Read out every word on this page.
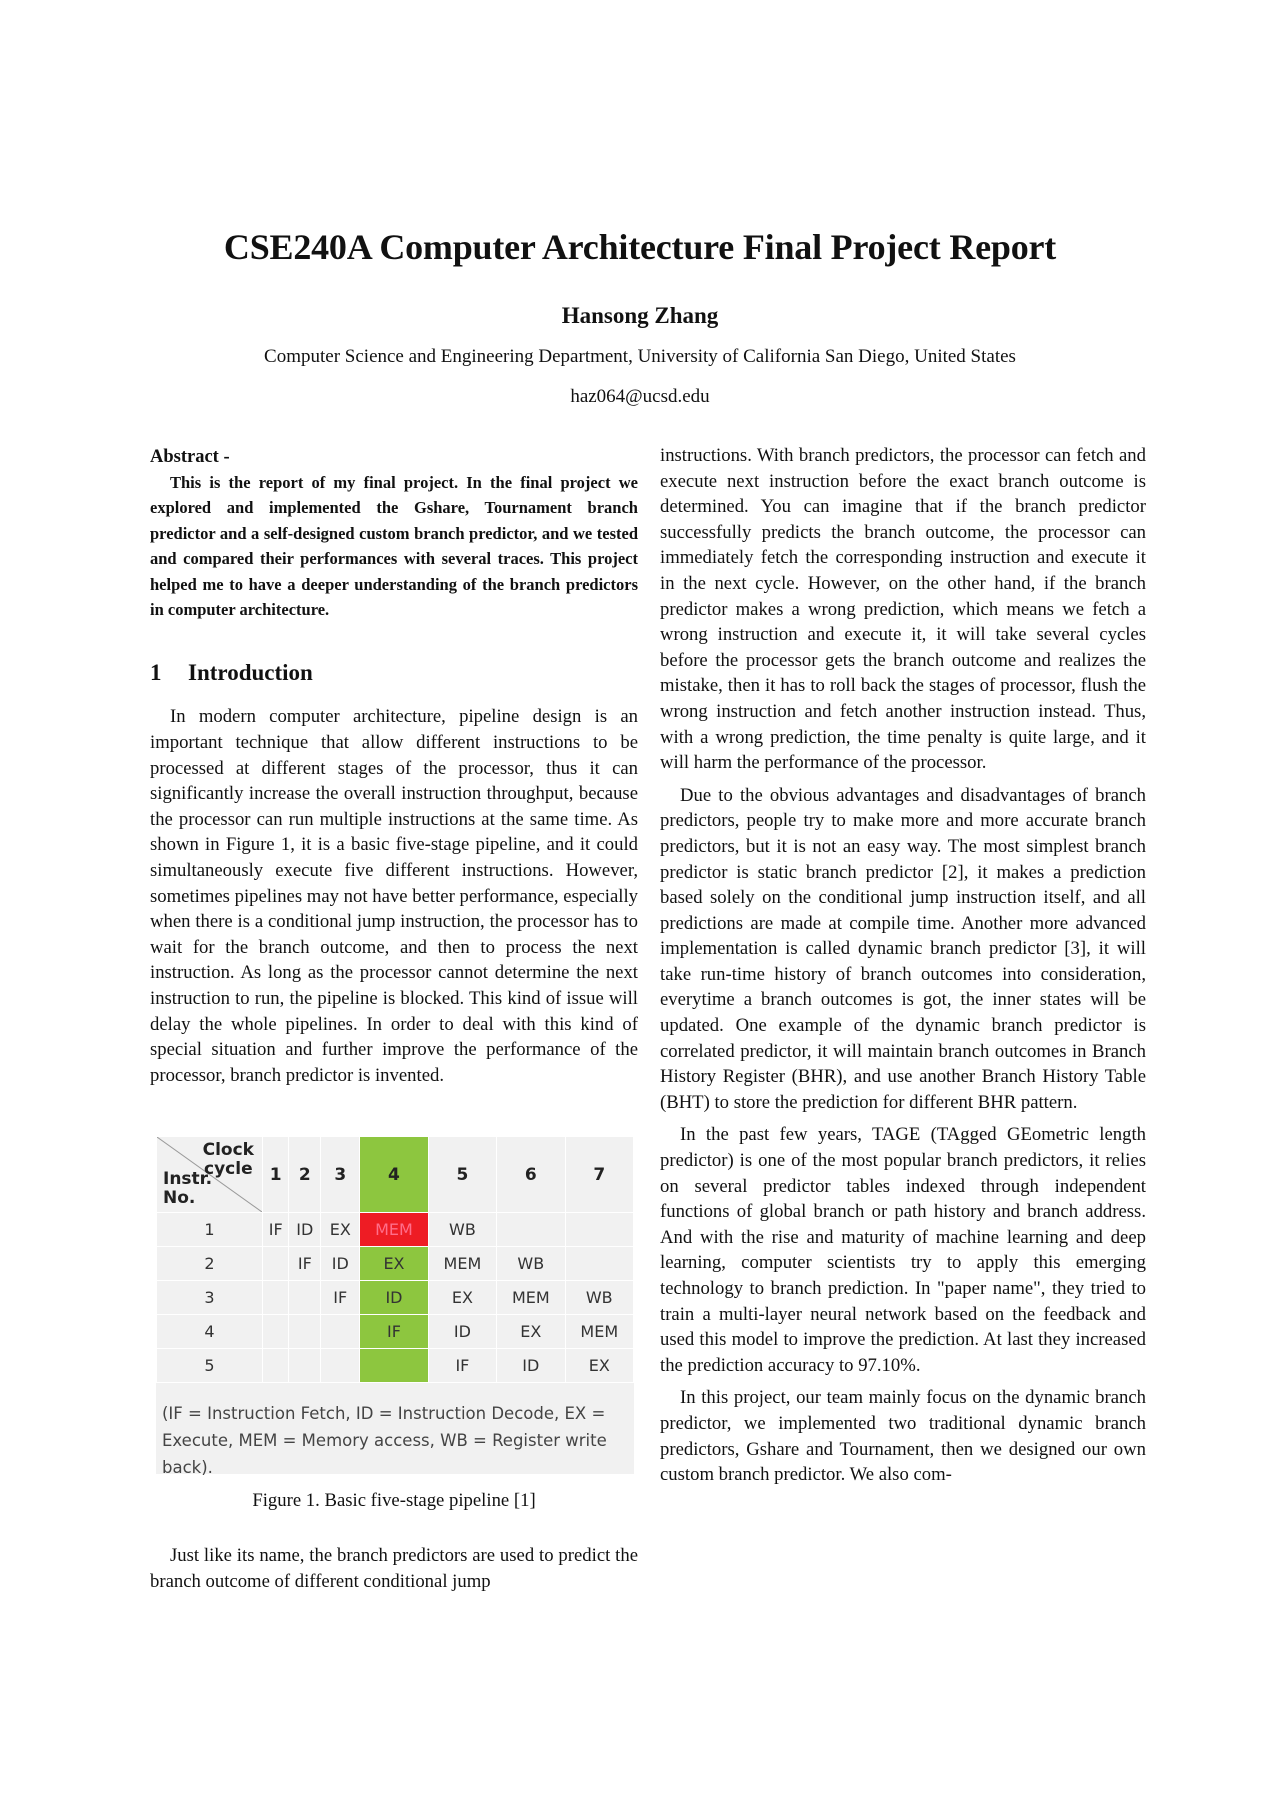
CSE240A Computer Architecture Final Project Report
Hansong Zhang
Computer Science and Engineering Department, University of California San Diego, United States
haz064@ucsd.edu
Abstract -
This is the report of my final project. In the final project we explored and implemented the Gshare, Tournament branch predictor and a self-designed custom branch predictor, and we tested and compared their performances with several traces. This project helped me to have a deeper understanding of the branch predictors in computer architecture.
1 Introduction

In modern computer architecture, pipeline design is an important technique that allow different instructions to be processed at different stages of the processor, thus it can significantly increase the overall instruction throughput, because the processor can run multiple instructions at the same time. As shown in Figure 1, it is a basic five-stage pipeline, and it could simultaneously execute five different instructions. However, sometimes pipelines may not have better performance, especially when there is a conditional jump instruction, the processor has to wait for the branch outcome, and then to process the next instruction. As long as the processor cannot determine the next instruction to run, the pipeline is blocked. This kind of issue will delay the whole pipelines. In order to deal with this kind of special situation and further improve the performance of the processor, branch predictor is invented.

Clock
cycle
Instr.
No.	1	2	3	4	5	6	7
1	IF	ID	EX	MEM	WB		
2		IF	ID	EX	MEM	WB	
3			IF	ID	EX	MEM	WB
4				IF	ID	EX	MEM
5					IF	ID	EX
(IF = Instruction Fetch, ID = Instruction Decode, EX = Execute, MEM = Memory access, WB = Register write back).
Figure 1. Basic five-stage pipeline [1]

Just like its name, the branch predictors are used to predict the branch outcome of different conditional jump

instructions. With branch predictors, the processor can fetch and execute next instruction before the exact branch outcome is determined. You can imagine that if the branch predictor successfully predicts the branch outcome, the processor can immediately fetch the corresponding instruction and execute it in the next cycle. However, on the other hand, if the branch predictor makes a wrong prediction, which means we fetch a wrong instruction and execute it, it will take several cycles before the processor gets the branch outcome and realizes the mistake, then it has to roll back the stages of processor, flush the wrong instruction and fetch another instruction instead. Thus, with a wrong prediction, the time penalty is quite large, and it will harm the performance of the processor.

Due to the obvious advantages and disadvantages of branch predictors, people try to make more and more accurate branch predictors, but it is not an easy way. The most simplest branch predictor is static branch predictor [2], it makes a prediction based solely on the conditional jump instruction itself, and all predictions are made at compile time. Another more advanced implementation is called dynamic branch predictor [3], it will take run-time history of branch outcomes into consideration, everytime a branch outcomes is got, the inner states will be updated. One example of the dynamic branch predictor is correlated predictor, it will maintain branch outcomes in Branch History Register (BHR), and use another Branch History Table (BHT) to store the prediction for different BHR pattern.

In the past few years, TAGE (TAgged GEometric length predictor) is one of the most popular branch predictors, it relies on several predictor tables indexed through independent functions of global branch or path history and branch address. And with the rise and maturity of machine learning and deep learning, computer scientists try to apply this emerging technology to branch prediction. In "paper name", they tried to train a multi-layer neural network based on the feedback and used this model to improve the prediction. At last they increased the prediction accuracy to 97.10%.

In this project, our team mainly focus on the dynamic branch predictor, we implemented two traditional dynamic branch predictors, Gshare and Tournament, then we designed our own custom branch predictor. We also com-
